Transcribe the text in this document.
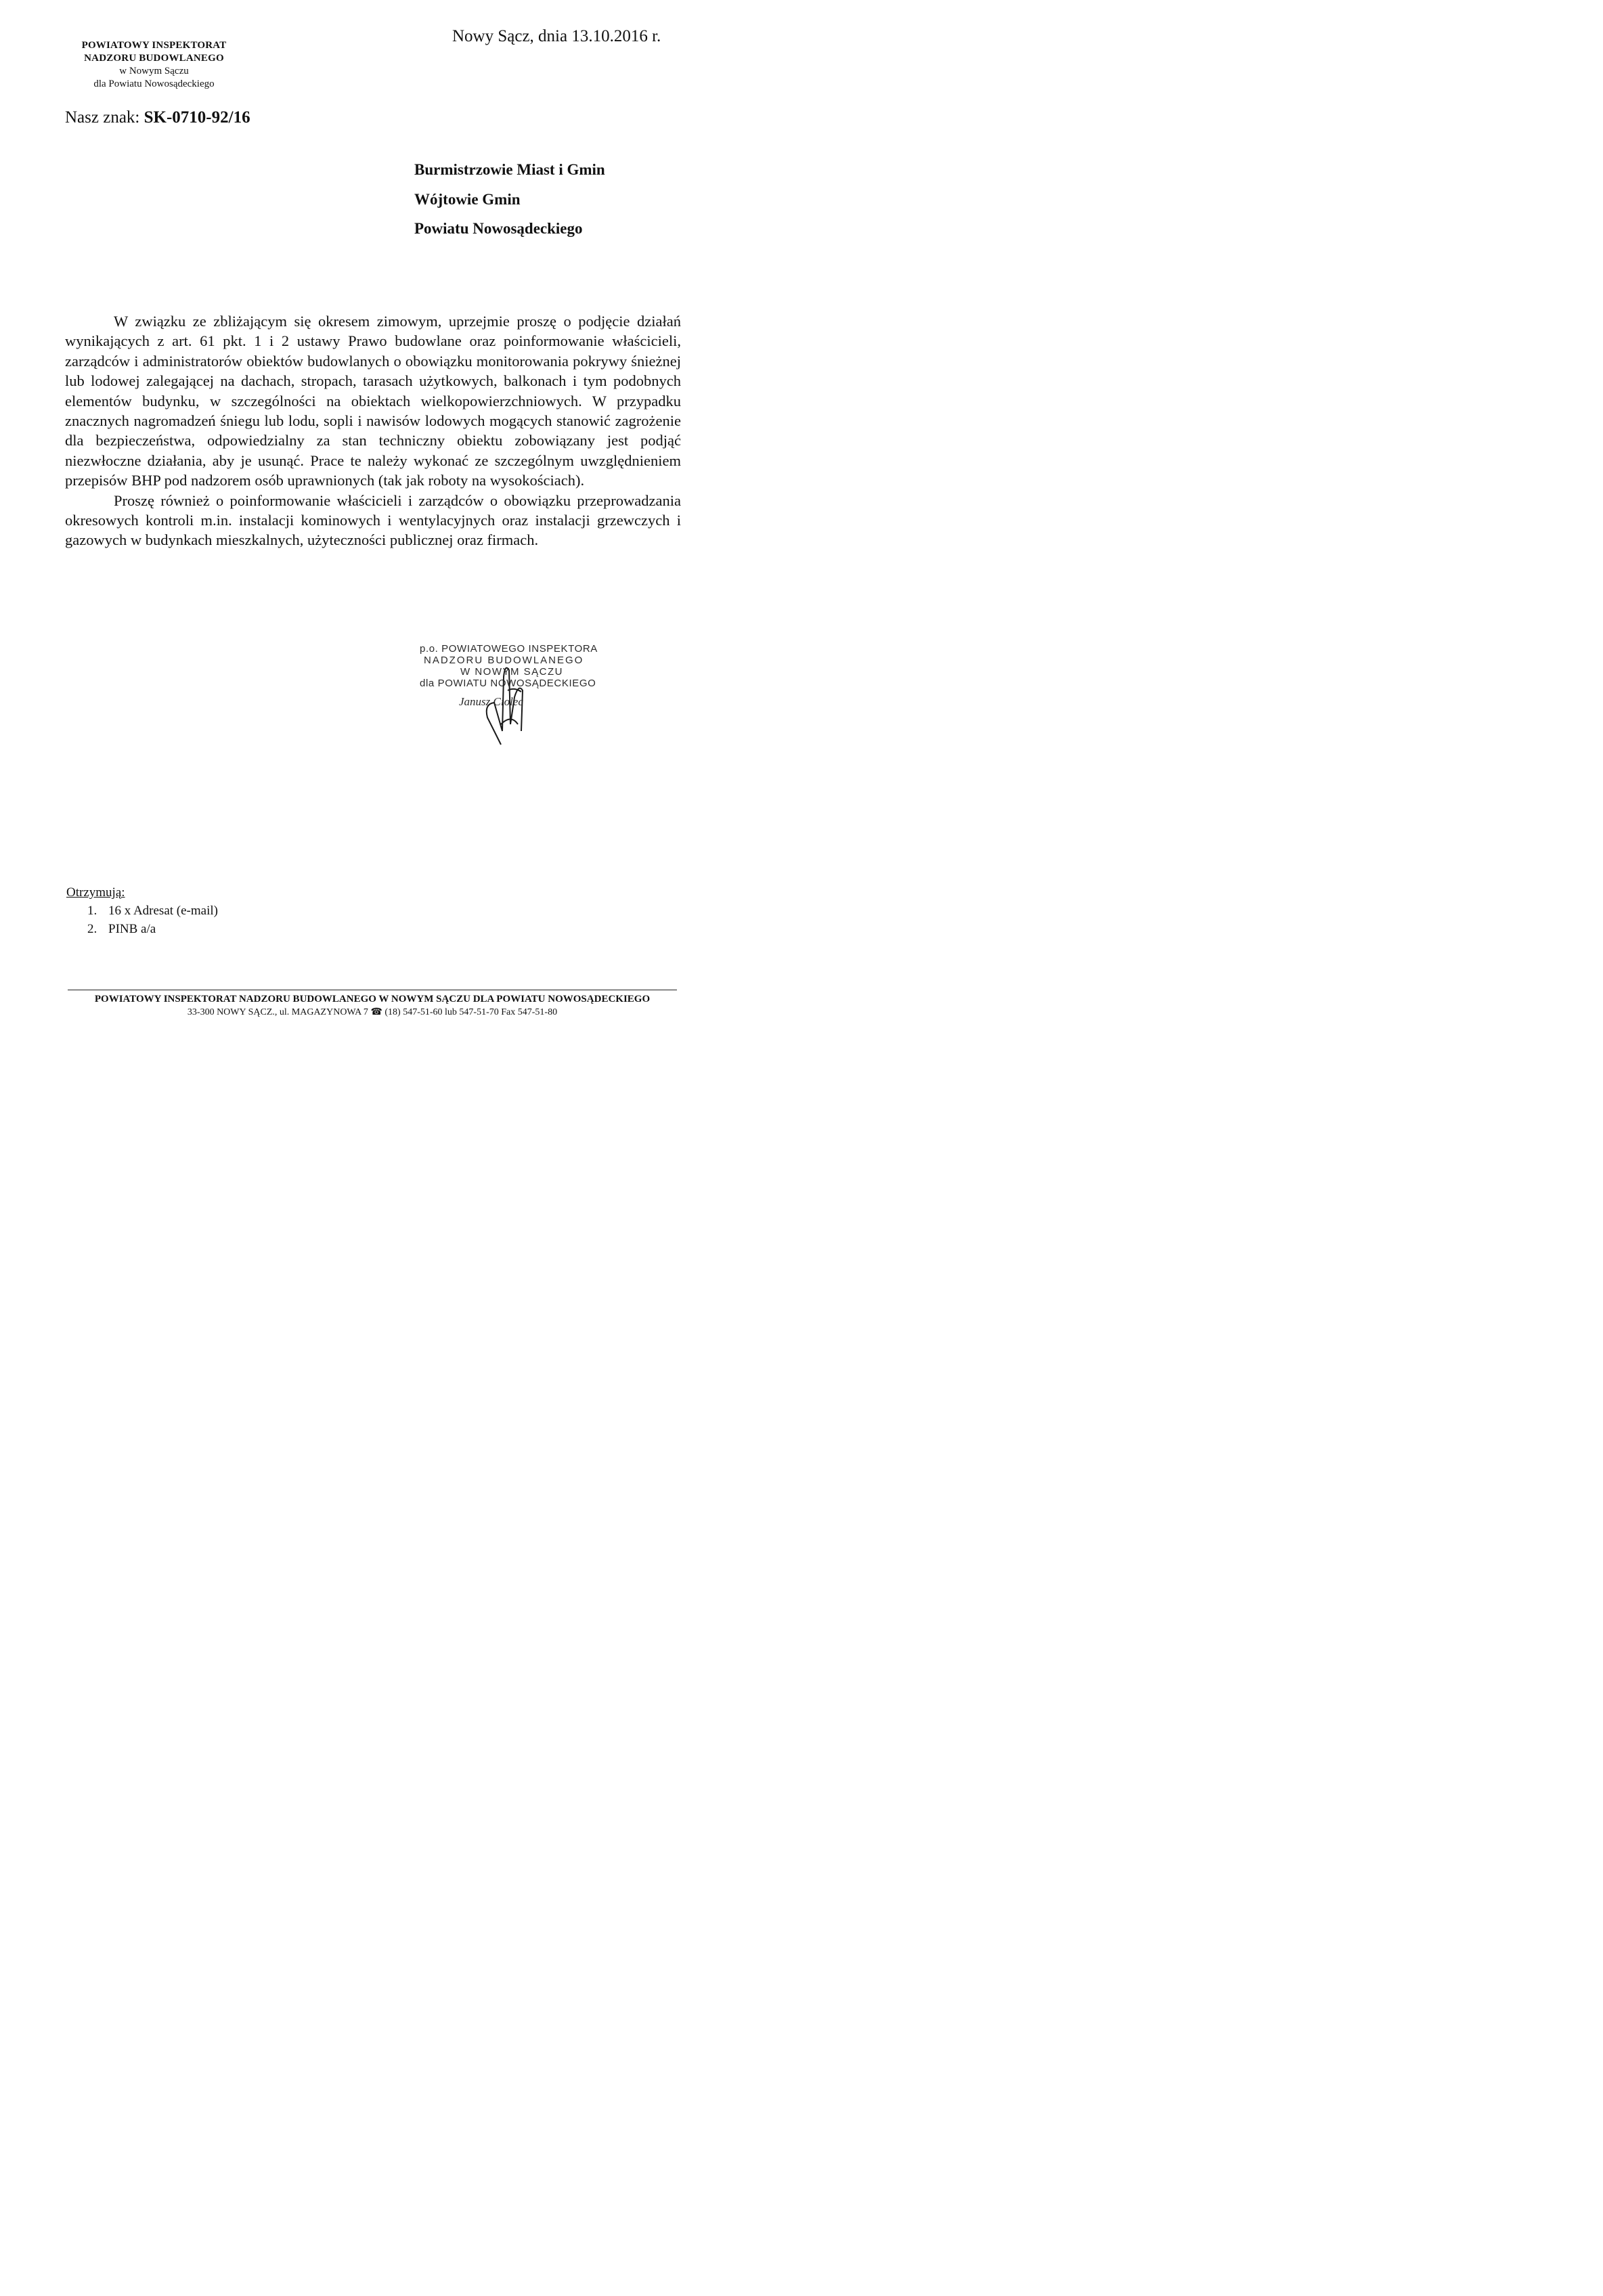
POWIATOWY INSPEKTORAT
NADZORU BUDOWLANEGO
w Nowym Sączu
dla Powiatu Nowosądeckiego
Nowy Sącz, dnia 13.10.2016 r.
Nasz znak: SK-0710-92/16
Burmistrzowie Miast i Gmin
Wójtowie Gmin
Powiatu Nowosądeckiego

W związku ze zbliżającym się okresem zimowym, uprzejmie proszę o podjęcie działań wynikających z art. 61 pkt. 1 i 2 ustawy Prawo budowlane oraz poinformowanie właścicieli, zarządców i administratorów obiektów budowlanych o obowiązku monitorowania pokrywy śnieżnej lub lodowej zalegającej na dachach, stropach, tarasach użytkowych, balkonach i tym podobnych elementów budynku, w szczególności na obiektach wielkopowierzchniowych. W przypadku znacznych nagromadzeń śniegu lub lodu, sopli i nawisów lodowych mogących stanowić zagrożenie dla bezpieczeństwa, odpowiedzialny za stan techniczny obiektu zobowiązany jest podjąć niezwłoczne działania, aby je usunąć. Prace te należy wykonać ze szczególnym uwzględnieniem przepisów BHP pod nadzorem osób uprawnionych (tak jak roboty na wysokościach).

Proszę również o poinformowanie właścicieli i zarządców o obowiązku przeprowadzania okresowych kontroli m.in. instalacji kominowych i wentylacyjnych oraz instalacji grzewczych i gazowych w budynkach mieszkalnych, użyteczności publicznej oraz firmach.

p.o. POWIATOWEGO INSPEKTORA
NADZORU BUDOWLANEGO
W NOWYM SĄCZU
dla POWIATU NOWOSĄDECKIEGO
Janusz Ciolec
Otrzymują:
1. 16 x Adresat (e-mail)
2. PINB a/a
POWIATOWY INSPEKTORAT NADZORU BUDOWLANEGO W NOWYM SĄCZU DLA POWIATU NOWOSĄDECKIEGO
33-300 NOWY SĄCZ., ul. MAGAZYNOWA 7 ☎ (18) 547-51-60 lub 547-51-70 Fax 547-51-80
